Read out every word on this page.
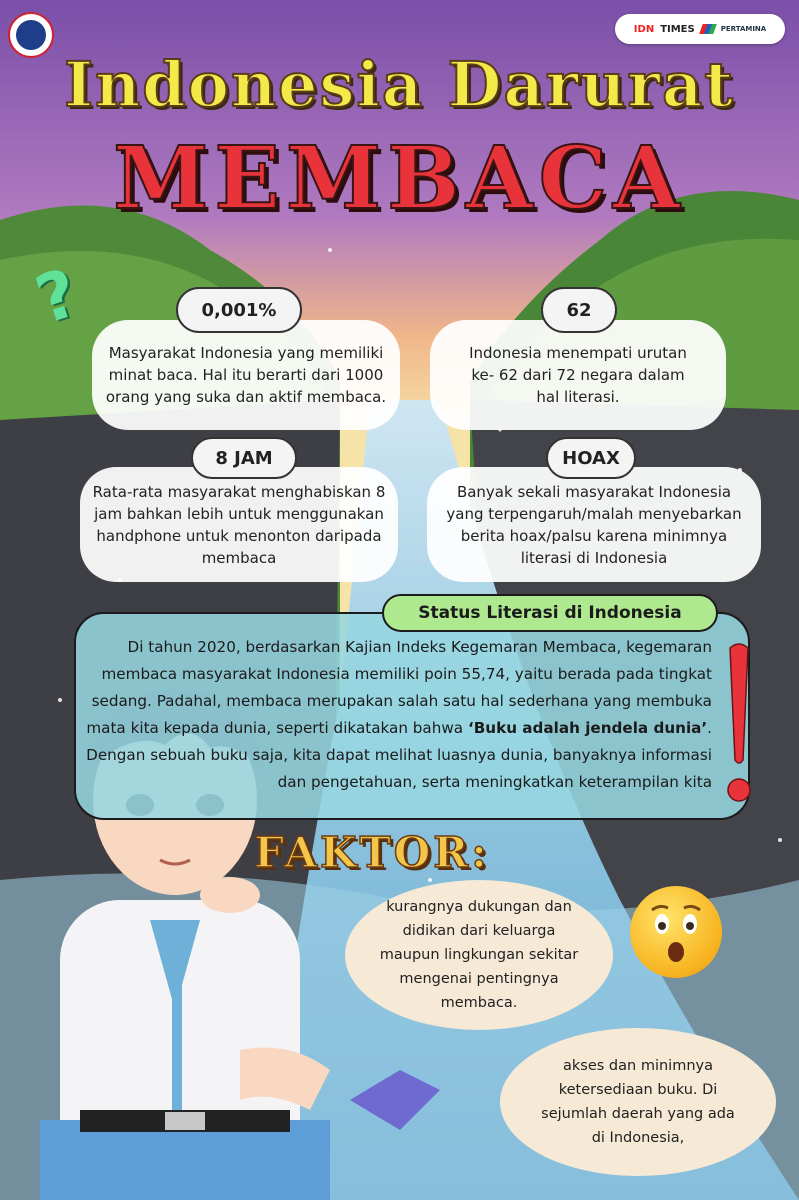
IDN TIMES	PERTAMINA
Indonesia Darurat
MEMBACA
?
Masyarakat Indonesia yang memiliki minat baca. Hal itu berarti dari 1000 orang yang suka dan aktif membaca.
0,001%
Indonesia menempati urutan ke- 62 dari 72 negara dalam hal literasi.
62
Rata-rata masyarakat menghabiskan 8 jam bahkan lebih untuk menggunakan handphone untuk menonton daripada membaca
8 JAM
Banyak sekali masyarakat Indonesia yang terpengaruh/malah menyebarkan berita hoax/palsu karena minimnya literasi di Indonesia
HOAX
Status Literasi di Indonesia
Di tahun 2020, berdasarkan Kajian Indeks Kegemaran Membaca, kegemaran membaca masyarakat Indonesia memiliki poin 55,74, yaitu berada pada tingkat sedang. Padahal, membaca merupakan salah satu hal sederhana yang membuka mata kita kepada dunia, seperti dikatakan bahwa ‘Buku adalah jendela dunia’. Dengan sebuah buku saja, kita dapat melihat luasnya dunia, banyaknya informasi dan pengetahuan, serta meningkatkan keterampilan kita
FAKTOR:
kurangnya dukungan dan didikan dari keluarga maupun lingkungan sekitar mengenai pentingnya membaca.
akses dan minimnya ketersediaan buku. Di sejumlah daerah yang ada di Indonesia,
